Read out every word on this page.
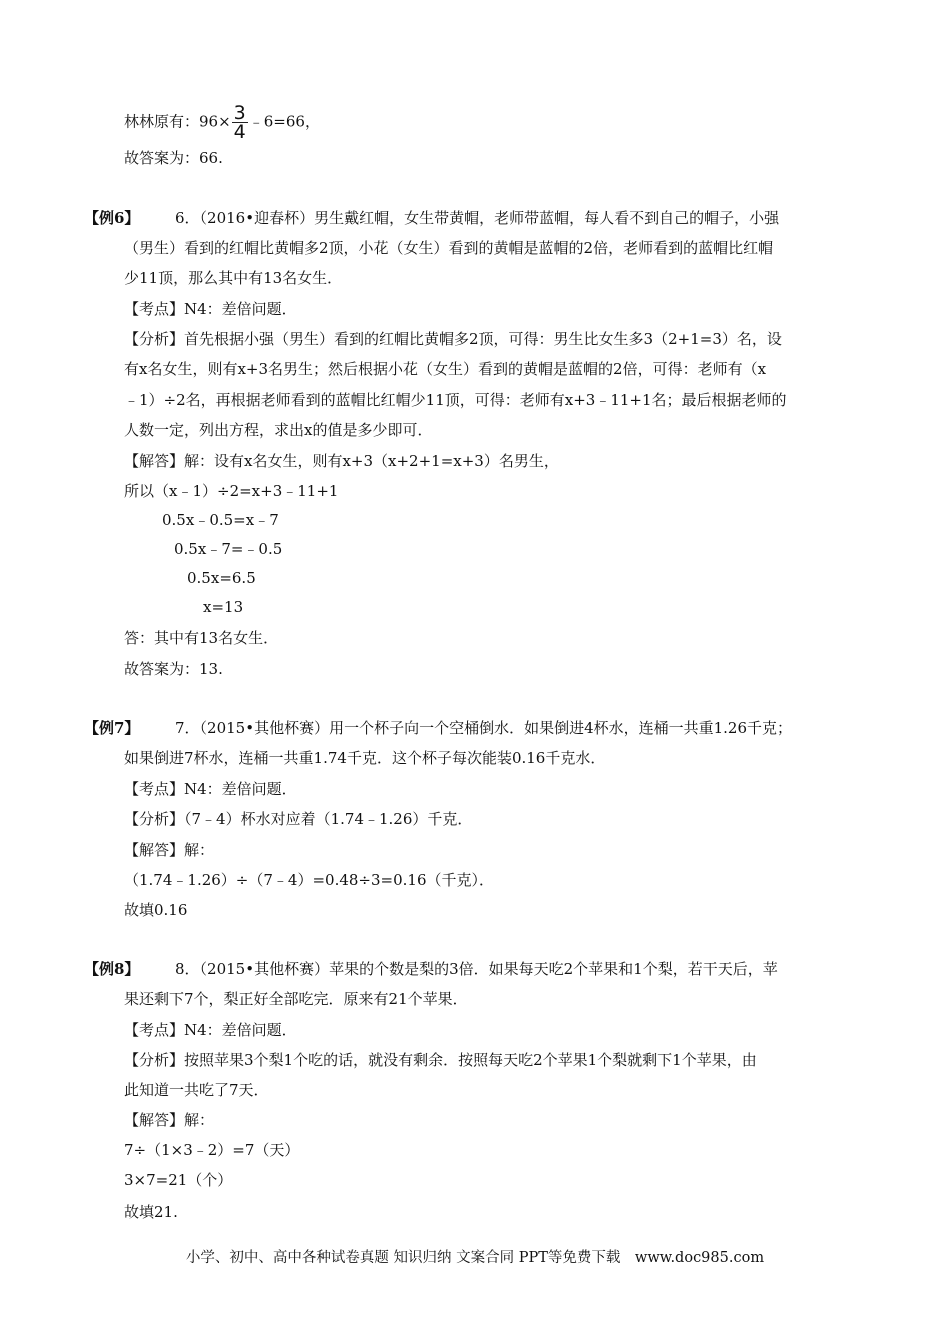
林林原有：$96\times \frac{3}{4}$ ﹣6=66，
故答案为：66.
【例6】 6．（2016•迎春杯）男生戴红帽，女生带黄帽，老师带蓝帽，每人看不到自己的帽子，小强
（男生）看到的红帽比黄帽多2顶，小花（女生）看到的黄帽是蓝帽的2倍，老师看到的蓝帽比红帽
少11顶，那么其中有13名女生．
【考点】N4：差倍问题．
【分析】首先根据小强（男生）看到的红帽比黄帽多2顶，可得：男生比女生多3（2+1=3）名，设
有x名女生，则有x+3名男生；然后根据小花（女生）看到的黄帽是蓝帽的2倍，可得：老师有（x
﹣1）÷2名，再根据老师看到的蓝帽比红帽少11顶，可得：老师有x+3﹣11+1名；最后根据老师的
人数一定，列出方程，求出x的值是多少即可．
【解答】解：设有x名女生，则有x+3（x+2+1=x+3）名男生，
所以（x﹣1）÷2=x+3﹣11+1
0.5x﹣0.5=x﹣7
0.5x﹣7=﹣0.5
0.5x=6.5
x=13
答：其中有13名女生．
故答案为：13.
【例7】 7．（2015•其他杯赛）用一个杯子向一个空桶倒水．如果倒进4杯水，连桶一共重1.26千克；
如果倒进7杯水，连桶一共重1.74千克．这个杯子每次能装0.16千克水．
【考点】N4：差倍问题．
【分析】（7﹣4）杯水对应着（1.74﹣1.26）千克．
【解答】解：
（1.74﹣1.26）÷（7﹣4）=0.48÷3=0.16（千克）．
故填0.16
【例8】 8．（2015•其他杯赛）苹果的个数是梨的3倍．如果每天吃2个苹果和1个梨，若干天后，苹
果还剩下7个，梨正好全部吃完．原来有21个苹果．
【考点】N4：差倍问题．
【分析】按照苹果3个梨1个吃的话，就没有剩余．按照每天吃2个苹果1个梨就剩下1个苹果，由
此知道一共吃了7天．
【解答】解：
7÷（1×3﹣2）=7（天）
3×7=21（个）
故填21.
小学、初中、高中各种试卷真题 知识归纳 文案合同 PPT等免费下载　www.doc985.com
